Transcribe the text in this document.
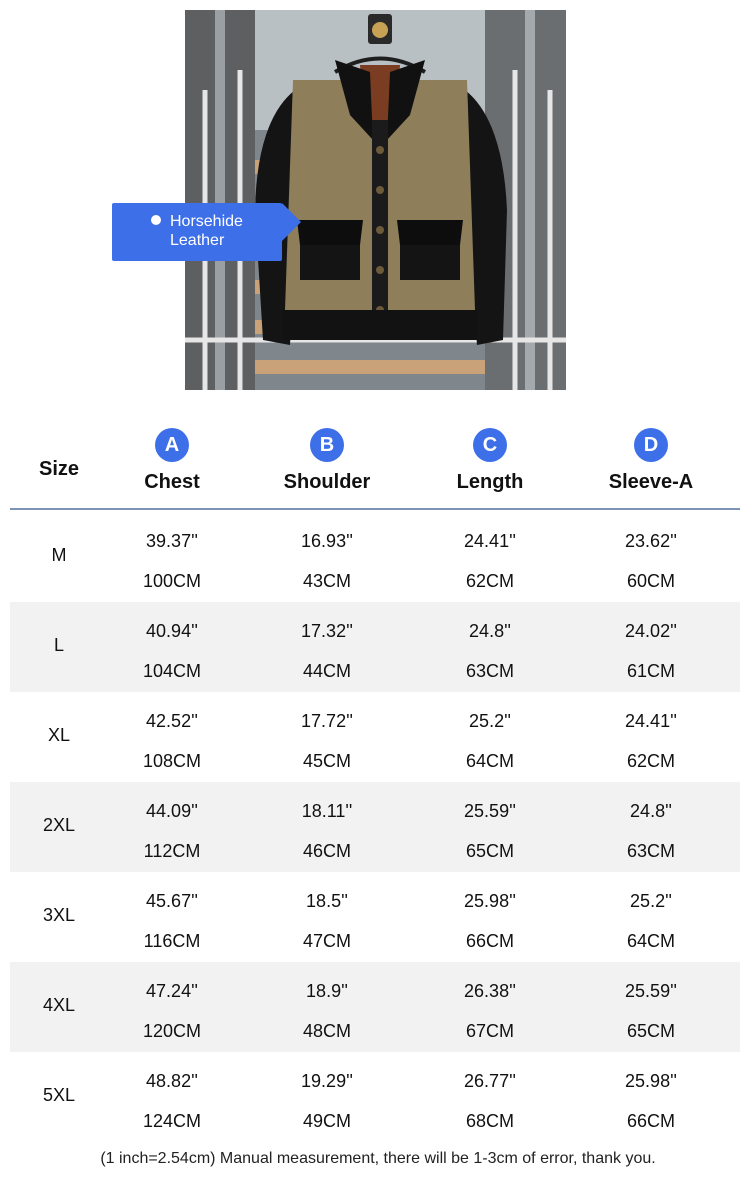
Horsehide
Leather
Size
A
Chest
B
Shoulder
C
Length
D
Sleeve-A
M
39.37''
100CM
16.93''
43CM
24.41''
62CM
23.62''
60CM
L
40.94''
104CM
17.32''
44CM
24.8''
63CM
24.02''
61CM
XL
42.52''
108CM
17.72''
45CM
25.2''
64CM
24.41''
62CM
2XL
44.09''
112CM
18.11''
46CM
25.59''
65CM
24.8''
63CM
3XL
45.67''
116CM
18.5''
47CM
25.98''
66CM
25.2''
64CM
4XL
47.24''
120CM
18.9''
48CM
26.38''
67CM
25.59''
65CM
5XL
48.82''
124CM
19.29''
49CM
26.77''
68CM
25.98''
66CM
(1 inch=2.54cm) Manual measurement, there will be 1-3cm of error, thank you.
